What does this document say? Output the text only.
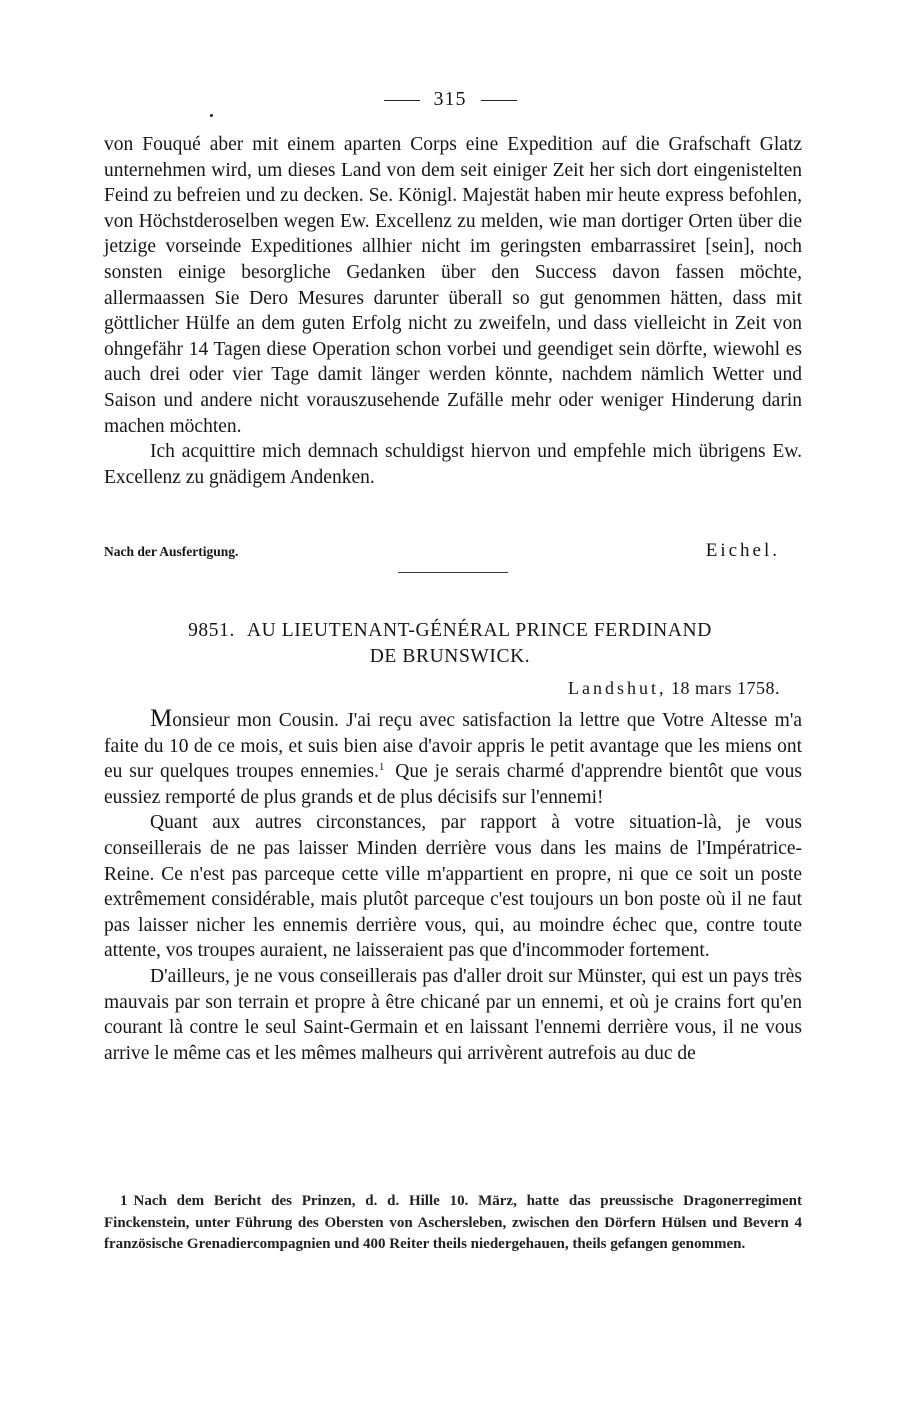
315

von Fouqué aber mit einem aparten Corps eine Expedition auf die Grafschaft Glatz unternehmen wird, um dieses Land von dem seit einiger Zeit her sich dort eingenistelten Feind zu befreien und zu decken. Se. Königl. Majestät haben mir heute express befohlen, von Höchstderoselben wegen Ew. Excellenz zu melden, wie man dortiger Orten über die jetzige vorseinde Expeditiones allhier nicht im geringsten embarrassiret [sein], noch sonsten einige besorgliche Gedanken über den Success davon fassen möchte, allermaassen Sie Dero Mesures darunter überall so gut genommen hätten, dass mit göttlicher Hülfe an dem guten Erfolg nicht zu zweifeln, und dass vielleicht in Zeit von ohngefähr 14 Tagen diese Operation schon vorbei und geendiget sein dörfte, wiewohl es auch drei oder vier Tage damit länger werden könnte, nachdem nämlich Wetter und Saison und andere nicht vorauszusehende Zufälle mehr oder weniger Hinderung darin machen möchten.

Ich acquittire mich demnach schuldigst hiervon und empfehle mich übrigens Ew. Excellenz zu gnädigem Andenken.

Nach der Ausfertigung.	Eichel.
9851. AU LIEUTENANT-GÉNÉRAL PRINCE FERDINAND
DE BRUNSWICK.
Landshut, 18 mars 1758.

Monsieur mon Cousin. J'ai reçu avec satisfaction la lettre que Votre Altesse m'a faite du 10 de ce mois, et suis bien aise d'avoir appris le petit avantage que les miens ont eu sur quelques troupes ennemies.$^1$ Que je serais charmé d'apprendre bientôt que vous eussiez remporté de plus grands et de plus décisifs sur l'ennemi!

Quant aux autres circonstances, par rapport à votre situation-là, je vous conseillerais de ne pas laisser Minden derrière vous dans les mains de l'Impératrice-Reine. Ce n'est pas parceque cette ville m'appartient en propre, ni que ce soit un poste extrêmement considérable, mais plutôt parceque c'est toujours un bon poste où il ne faut pas laisser nicher les ennemis derrière vous, qui, au moindre échec que, contre toute attente, vos troupes auraient, ne laisseraient pas que d'incommoder fortement.

D'ailleurs, je ne vous conseillerais pas d'aller droit sur Münster, qui est un pays très mauvais par son terrain et propre à être chicané par un ennemi, et où je crains fort qu'en courant là contre le seul Saint-Germain et en laissant l'ennemi derrière vous, il ne vous arrive le même cas et les mêmes malheurs qui arrivèrent autrefois au duc de

1 Nach dem Bericht des Prinzen, d. d. Hille 10. März, hatte das preussische Dragonerregiment Finckenstein, unter Führung des Obersten von Aschersleben, zwischen den Dörfern Hülsen und Bevern 4 französische Grenadiercompagnien und 400 Reiter theils niedergehauen, theils gefangen genommen.
